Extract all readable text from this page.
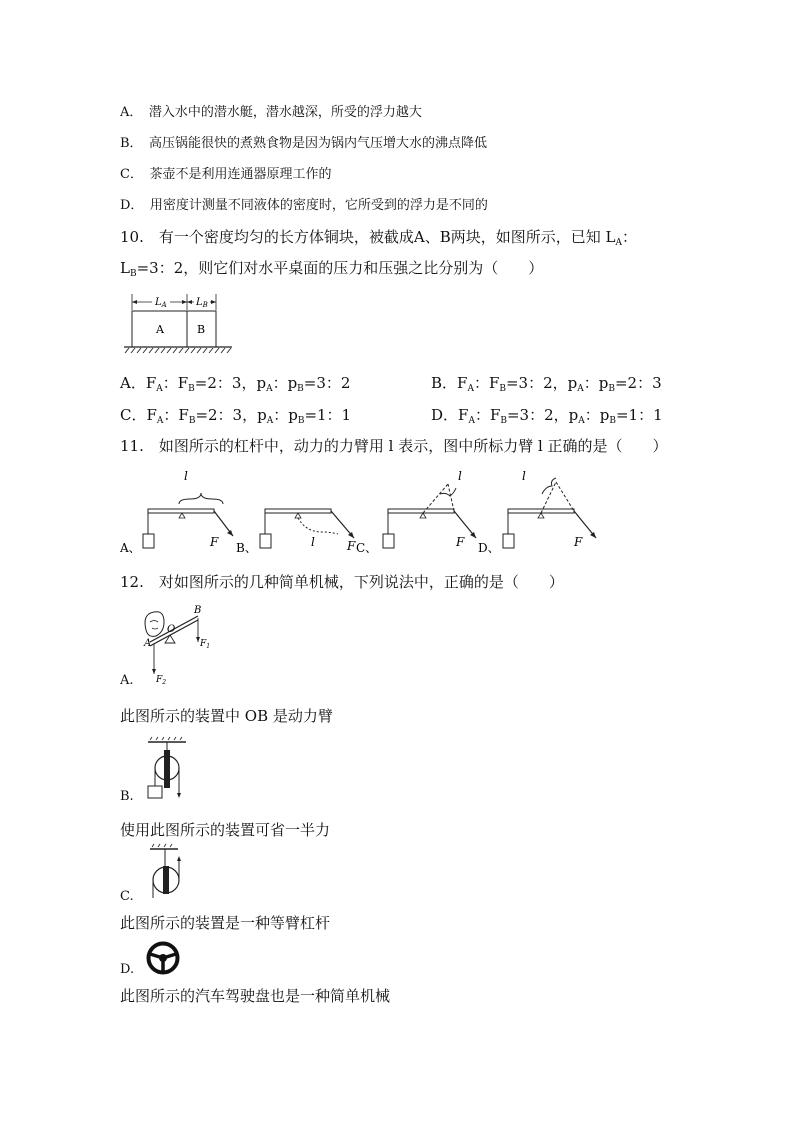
A．　潜入水中的潜水艇，潜水越深，所受的浮力越大
B．　高压锅能很快的煮熟食物是因为锅内气压增大水的沸点降低
C．　茶壶不是利用连通器原理工作的
D．　用密度计测量不同液体的密度时，它所受到的浮力是不同的
10.　有一个密度均匀的长方体铜块，被截成A、B两块，如图所示，已知 $L_A$：
$L_B=3$：2，则它们对水平桌面的压力和压强之比分别为（　　）
$L_A$	$L_B$
A	B
A．$F_A$：$F_B=2$：3，$p_A$：$p_B=3$：2	B．$F_A$：$F_B=3$：2，$p_A$：$p_B=2$：3
C．$F_A$：$F_B=2$：3，$p_A$：$p_B=1$：1	D．$F_A$：$F_B=3$：2，$p_A$：$p_B=1$：1
11.　如图所示的杠杆中，动力的力臂用 l 表示，图中所标力臂 l 正确的是（　　）
l
F
A、	l	F
B、
l
F
C、
l
F
D、
12.　对如图所示的几种简单机械，下列说法中，正确的是（　　）
B
O
A	$F_1$
$F_2$
A.
此图所示的装置中 OB 是动力臂
B.
使用此图所示的装置可省一半力
C.
此图所示的装置是一种等臂杠杆
D.
此图所示的汽车驾驶盘也是一种简单机械
